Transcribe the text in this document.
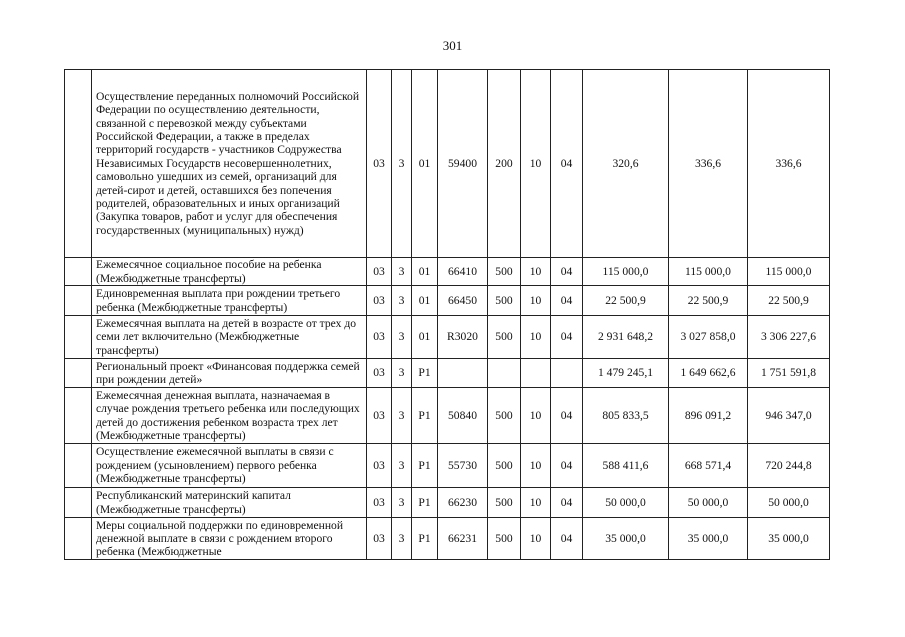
301
	Осуществление переданных полномочий Российской Федерации по осуществлению деятельности, связанной с перевозкой между субъектами Российской Федерации, а также в пределах территорий государств - участников Содружества Независимых Государств несовершеннолетних, самовольно ушедших из семей, организаций для детей-сирот и детей, оставшихся без попечения родителей, образовательных и иных организаций (Закупка товаров, работ и услуг для обеспечения государственных (муниципальных) нужд)	03	3	01	59400	200	10	04	320,6	336,6	336,6
	Ежемесячное социальное пособие на ребенка (Межбюджетные трансферты)	03	3	01	66410	500	10	04	115 000,0	115 000,0	115 000,0
	Единовременная выплата при рождении третьего ребенка (Межбюджетные трансферты)	03	3	01	66450	500	10	04	22 500,9	22 500,9	22 500,9
	Ежемесячная выплата на детей в возрасте от трех до семи лет включительно (Межбюджетные трансферты)	03	3	01	R3020	500	10	04	2 931 648,2	3 027 858,0	3 306 227,6
	Региональный проект «Финансовая поддержка семей при рождении детей»	03	3	P1					1 479 245,1	1 649 662,6	1 751 591,8
	Ежемесячная денежная выплата, назначаемая в случае рождения третьего ребенка или последующих детей до достижения ребенком возраста трех лет (Межбюджетные трансферты)	03	3	P1	50840	500	10	04	805 833,5	896 091,2	946 347,0
	Осуществление ежемесячной выплаты в связи с рождением (усыновлением) первого ребенка (Межбюджетные трансферты)	03	3	P1	55730	500	10	04	588 411,6	668 571,4	720 244,8
	Республиканский материнский капитал (Межбюджетные трансферты)	03	3	P1	66230	500	10	04	50 000,0	50 000,0	50 000,0

	Меры социальной поддержки по единовременной денежной выплате в связи с рождением второго ребенка (Межбюджетные	03	3	P1	66231	500	10	04	35 000,0	35 000,0	35 000,0
